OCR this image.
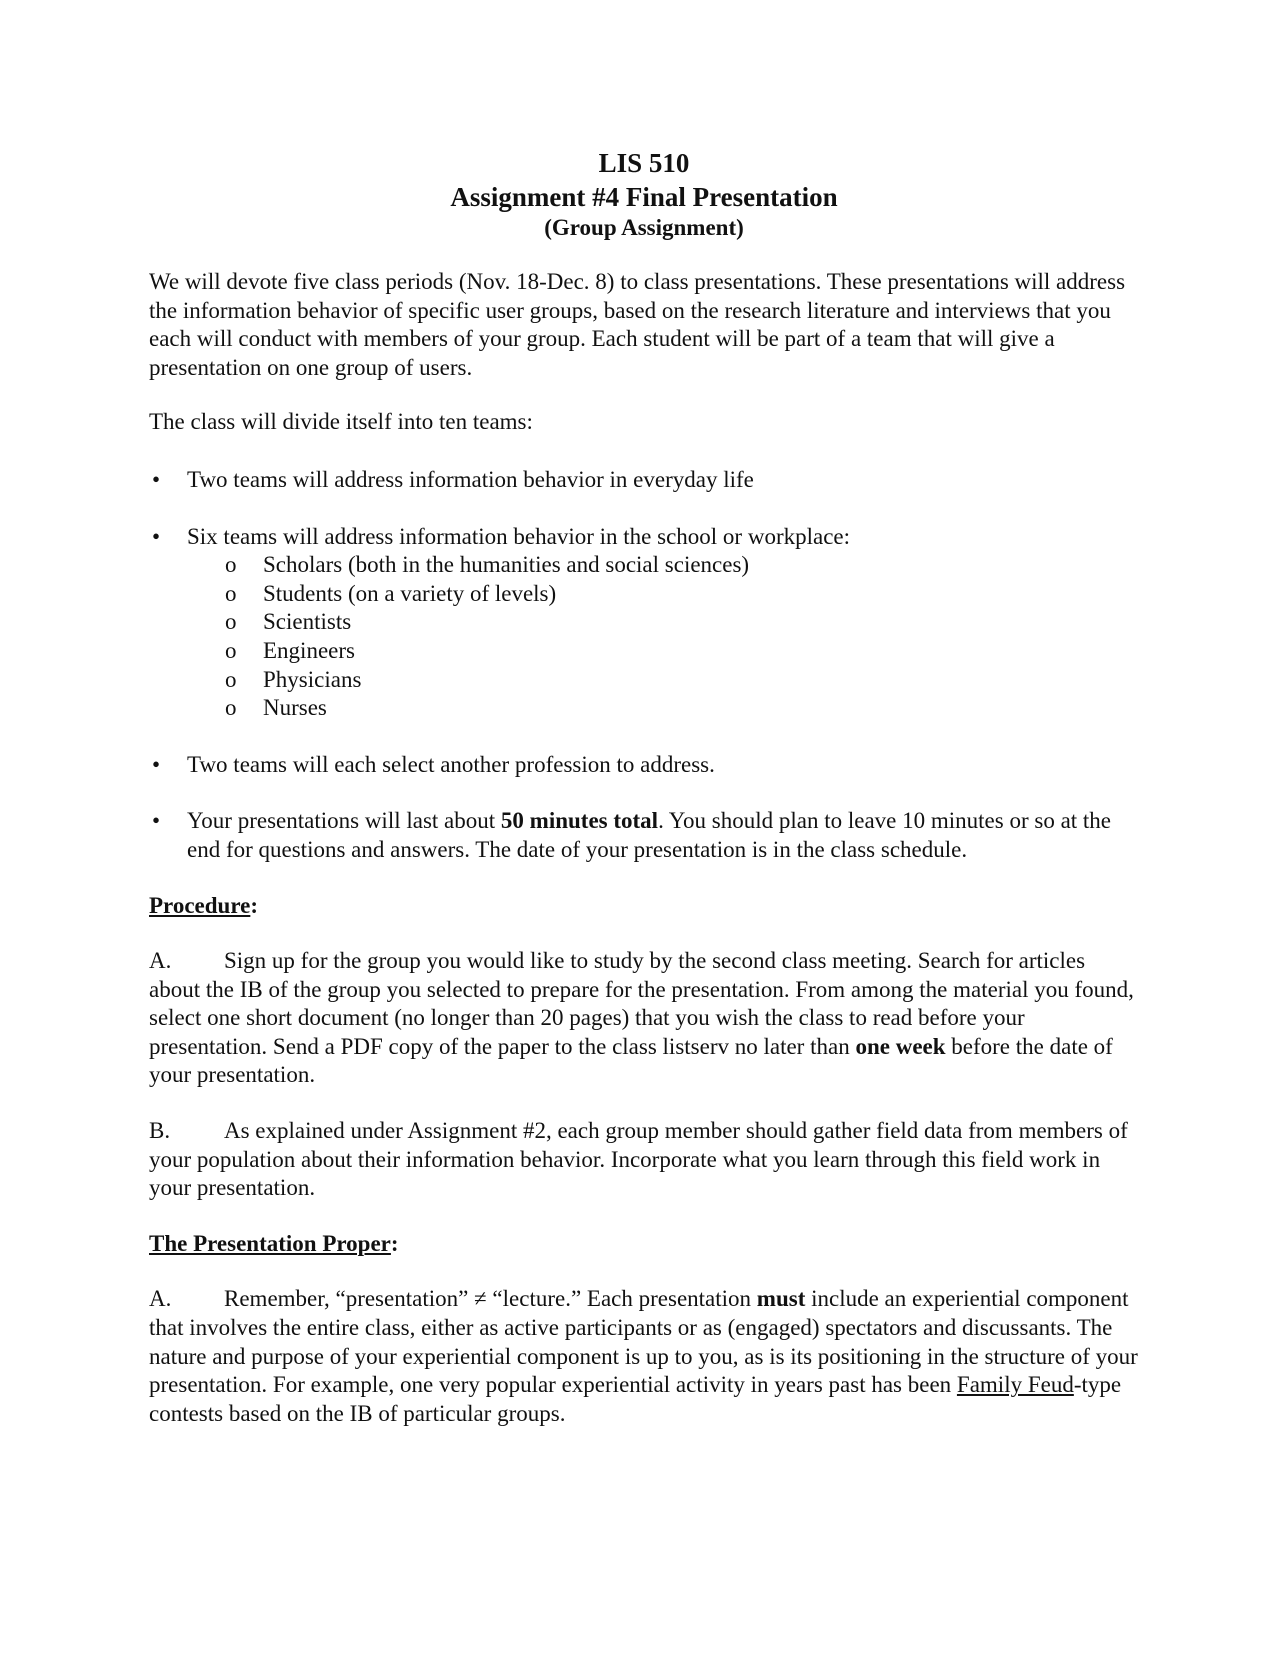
LIS 510
Assignment #4 Final Presentation
(Group Assignment)

We will devote five class periods (Nov. 18-Dec. 8) to class presentations. These presentations will address the information behavior of specific user groups, based on the research literature and interviews that you each will conduct with members of your group. Each student will be part of a team that will give a presentation on one group of users.

The class will divide itself into ten teams:

• Two teams will address information behavior in everyday life
• Six teams will address information behavior in the school or workplace:
o Scholars (both in the humanities and social sciences)
o Students (on a variety of levels)
o Scientists
o Engineers
o Physicians
o Nurses
• Two teams will each select another profession to address.
• Your presentations will last about 50 minutes total. You should plan to leave 10 minutes or so at the end for questions and answers. The date of your presentation is in the class schedule.
Procedure:

A. Sign up for the group you would like to study by the second class meeting. Search for articles about the IB of the group you selected to prepare for the presentation. From among the material you found, select one short document (no longer than 20 pages) that you wish the class to read before your presentation. Send a PDF copy of the paper to the class listserv no later than one week before the date of your presentation.

B. As explained under Assignment #2, each group member should gather field data from members of your population about their information behavior. Incorporate what you learn through this field work in your presentation.

The Presentation Proper:

A. Remember, “presentation” ≠ “lecture.” Each presentation must include an experiential component that involves the entire class, either as active participants or as (engaged) spectators and discussants. The nature and purpose of your experiential component is up to you, as is its positioning in the structure of your presentation. For example, one very popular experiential activity in years past has been Family Feud-type contests based on the IB of particular groups.
